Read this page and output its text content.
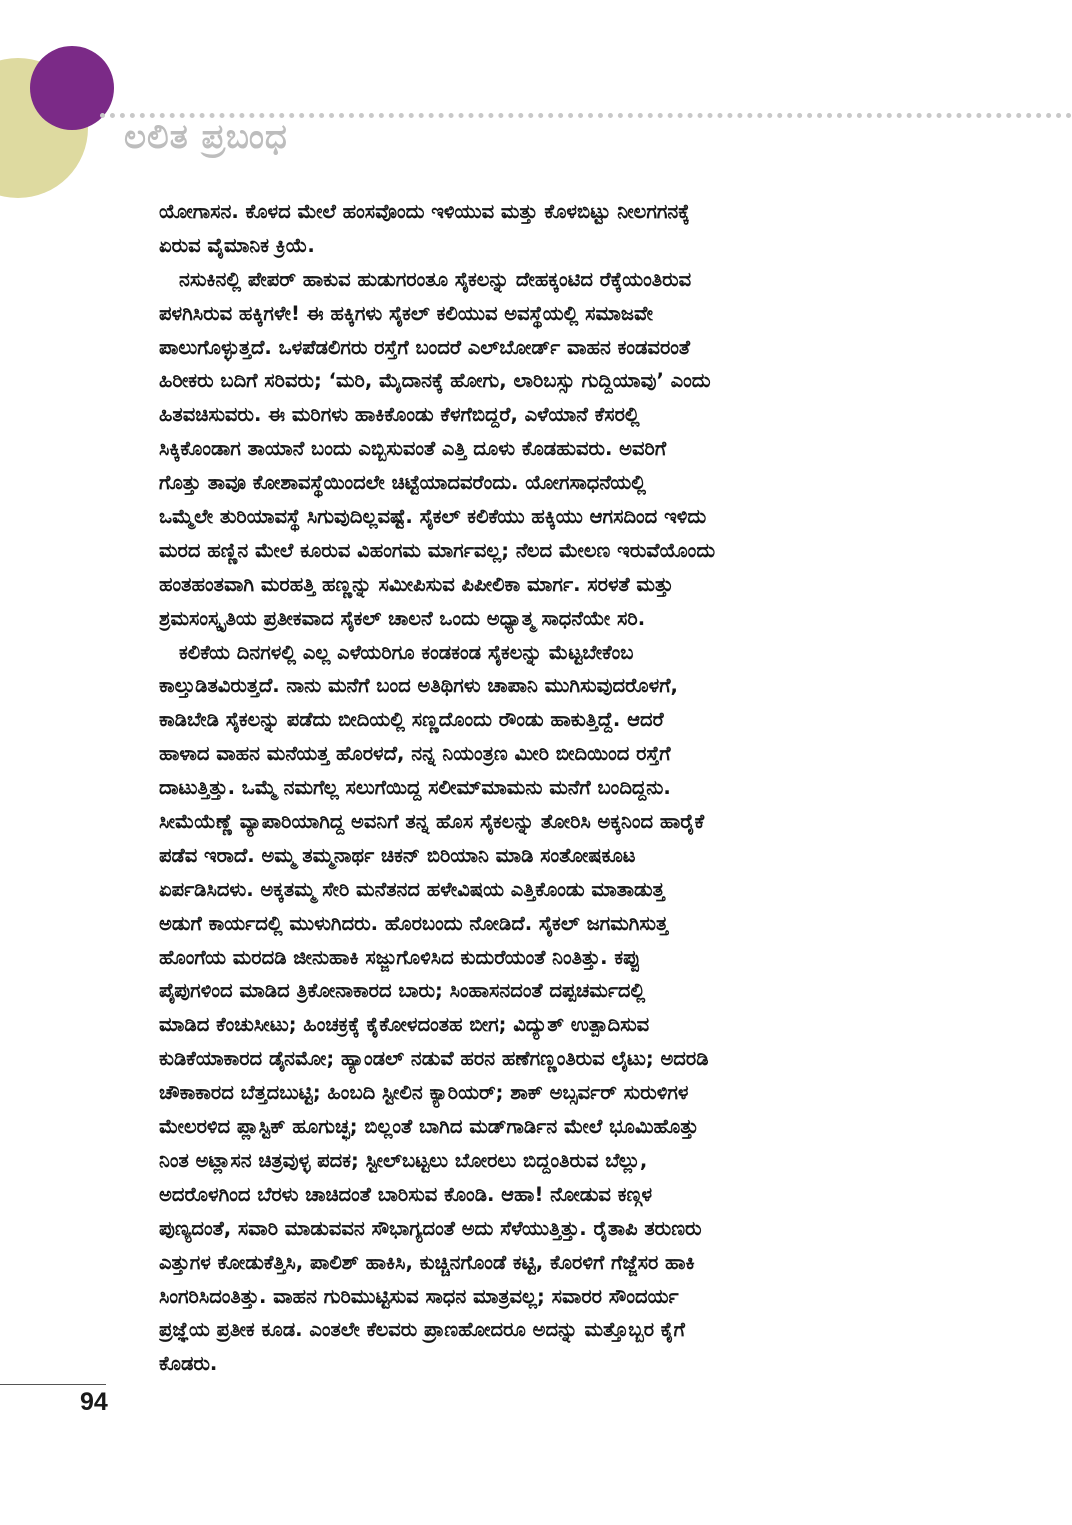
ಲಲಿತ ಪ್ರಬಂಧ
ಯೋಗಾಸನ. ಕೊಳದ ಮೇಲೆ ಹಂಸವೊಂದು ಇಳಿಯುವ ಮತ್ತು ಕೊಳಬಿಟ್ಟು ನೀಲಗಗನಕ್ಕೆ
ಏರುವ ವೈಮಾನಿಕ ಕ್ರಿಯೆ.
ನಸುಕಿನಲ್ಲಿ ಪೇಪರ್ ಹಾಕುವ ಹುಡುಗರಂತೂ ಸೈಕಲನ್ನು ದೇಹಕ್ಕಂಟಿದ ರೆಕ್ಕೆಯಂತಿರುವ
ಪಳಗಿಸಿರುವ ಹಕ್ಕಿಗಳೇ! ಈ ಹಕ್ಕಿಗಳು ಸೈಕಲ್ ಕಲಿಯುವ ಅವಸ್ಥೆಯಲ್ಲಿ ಸಮಾಜವೇ
ಪಾಲುಗೊಳ್ಳುತ್ತದೆ. ಒಳಪೆಡಲಿಗರು ರಸ್ತೆಗೆ ಬಂದರೆ ಎಲ್‌ಬೋರ್ಡ್ ವಾಹನ ಕಂಡವರಂತೆ
ಹಿರೀಕರು ಬದಿಗೆ ಸರಿವರು; ‘ಮರಿ, ಮೈದಾನಕ್ಕೆ ಹೋಗು, ಲಾರಿಬಸ್ಸು ಗುದ್ದಿಯಾವು’ ಎಂದು
ಹಿತವಚಿಸುವರು. ಈ ಮರಿಗಳು ಹಾಕಿಕೊಂಡು ಕೆಳಗೆಬಿದ್ದರೆ, ಎಳೆಯಾನೆ ಕೆಸರಲ್ಲಿ
ಸಿಕ್ಕಿಕೊಂಡಾಗ ತಾಯಾನೆ ಬಂದು ಎಬ್ಬಿಸುವಂತೆ ಎತ್ತಿ ದೂಳು ಕೊಡಹುವರು. ಅವರಿಗೆ
ಗೊತ್ತು ತಾವೂ ಕೋಶಾವಸ್ಥೆಯಿಂದಲೇ ಚಿಟ್ಟೆಯಾದವರೆಂದು. ಯೋಗಸಾಧನೆಯಲ್ಲಿ
ಒಮ್ಮೆಲೇ ತುರಿಯಾವಸ್ಥೆ ಸಿಗುವುದಿಲ್ಲವಷ್ಟೆ. ಸೈಕಲ್ ಕಲಿಕೆಯು ಹಕ್ಕಿಯು ಆಗಸದಿಂದ ಇಳಿದು
ಮರದ ಹಣ್ಣಿನ ಮೇಲೆ ಕೂರುವ ವಿಹಂಗಮ ಮಾರ್ಗವಲ್ಲ; ನೆಲದ ಮೇಲಣ ಇರುವೆಯೊಂದು
ಹಂತಹಂತವಾಗಿ ಮರಹತ್ತಿ ಹಣ್ಣನ್ನು ಸಮೀಪಿಸುವ ಪಿಪೀಲಿಕಾ ಮಾರ್ಗ. ಸರಳತೆ ಮತ್ತು
ಶ್ರಮಸಂಸ್ಕೃತಿಯ ಪ್ರತೀಕವಾದ ಸೈಕಲ್ ಚಾಲನೆ ಒಂದು ಅಧ್ಯಾತ್ಮ ಸಾಧನೆಯೇ ಸರಿ.
ಕಲಿಕೆಯ ದಿನಗಳಲ್ಲಿ ಎಲ್ಲ ಎಳೆಯರಿಗೂ ಕಂಡಕಂಡ ಸೈಕಲನ್ನು ಮೆಟ್ಟಬೇಕೆಂಬ
ಕಾಲ್ತುಡಿತವಿರುತ್ತದೆ. ನಾನು ಮನೆಗೆ ಬಂದ ಅತಿಥಿಗಳು ಚಾಪಾನಿ ಮುಗಿಸುವುದರೊಳಗೆ,
ಕಾಡಿಬೇಡಿ ಸೈಕಲನ್ನು ಪಡೆದು ಬೀದಿಯಲ್ಲಿ ಸಣ್ಣದೊಂದು ರೌಂಡು ಹಾಕುತ್ತಿದ್ದೆ. ಆದರೆ
ಹಾಳಾದ ವಾಹನ ಮನೆಯತ್ತ ಹೊರಳದೆ, ನನ್ನ ನಿಯಂತ್ರಣ ಮೀರಿ ಬೀದಿಯಿಂದ ರಸ್ತೆಗೆ
ದಾಟುತ್ತಿತ್ತು. ಒಮ್ಮೆ ನಮಗೆಲ್ಲ ಸಲುಗೆಯಿದ್ದ ಸಲೀಮ್‌ಮಾಮನು ಮನೆಗೆ ಬಂದಿದ್ದನು.
ಸೀಮೆಯೆಣ್ಣೆ ವ್ಯಾಪಾರಿಯಾಗಿದ್ದ ಅವನಿಗೆ ತನ್ನ ಹೊಸ ಸೈಕಲನ್ನು ತೋರಿಸಿ ಅಕ್ಕನಿಂದ ಹಾರೈಕೆ
ಪಡೆವ ಇರಾದೆ. ಅಮ್ಮ ತಮ್ಮನಾರ್ಥ ಚಿಕನ್ ಬಿರಿಯಾನಿ ಮಾಡಿ ಸಂತೋಷಕೂಟ
ಏರ್ಪಡಿಸಿದಳು. ಅಕ್ಕತಮ್ಮ ಸೇರಿ ಮನೆತನದ ಹಳೇವಿಷಯ ಎತ್ತಿಕೊಂಡು ಮಾತಾಡುತ್ತ
ಅಡುಗೆ ಕಾರ್ಯದಲ್ಲಿ ಮುಳುಗಿದರು. ಹೊರಬಂದು ನೋಡಿದೆ. ಸೈಕಲ್ ಜಗಮಗಿಸುತ್ತ
ಹೊಂಗೆಯ ಮರದಡಿ ಜೀನುಹಾಕಿ ಸಜ್ಜುಗೊಳಿಸಿದ ಕುದುರೆಯಂತೆ ನಿಂತಿತ್ತು. ಕಪ್ಪು
ಪೈಪುಗಳಿಂದ ಮಾಡಿದ ತ್ರಿಕೋನಾಕಾರದ ಬಾರು; ಸಿಂಹಾಸನದಂತೆ ದಪ್ಪಚರ್ಮದಲ್ಲಿ
ಮಾಡಿದ ಕೆಂಚುಸೀಟು; ಹಿಂಚಕ್ರಕ್ಕೆ ಕೈಕೋಳದಂತಹ ಬೀಗ; ವಿದ್ಯುತ್ ಉತ್ಪಾದಿಸುವ
ಕುಡಿಕೆಯಾಕಾರದ ಡೈನಮೋ; ಹ್ಯಾಂಡಲ್ ನಡುವೆ ಹರನ ಹಣೆಗಣ್ಣಂತಿರುವ ಲೈಟು; ಅದರಡಿ
ಚೌಕಾಕಾರದ ಬೆತ್ತದಬುಟ್ಟಿ; ಹಿಂಬದಿ ಸ್ಟೀಲಿನ ಕ್ಯಾರಿಯರ್; ಶಾಕ್ ಅಬ್ಸರ್ವರ್ ಸುರುಳಿಗಳ
ಮೇಲರಳಿದ ಪ್ಲಾಸ್ಟಿಕ್ ಹೂಗುಚ್ಛ; ಬಿಲ್ಲಂತೆ ಬಾಗಿದ ಮಡ್‌ಗಾರ್ಡಿನ ಮೇಲೆ ಭೂಮಿಹೊತ್ತು
ನಿಂತ ಅಟ್ಲಾಸನ ಚಿತ್ರವುಳ್ಳ ಪದಕ; ಸ್ಟೀಲ್‌ಬಟ್ಟಲು ಬೋರಲು ಬಿದ್ದಂತಿರುವ ಬೆಲ್ಲು,
ಅದರೊಳಗಿಂದ ಬೆರಳು ಚಾಚಿದಂತೆ ಬಾರಿಸುವ ಕೊಂಡಿ. ಆಹಾ! ನೋಡುವ ಕಣ್ಗಳ
ಪುಣ್ಯದಂತೆ, ಸವಾರಿ ಮಾಡುವವನ ಸೌಭಾಗ್ಯದಂತೆ ಅದು ಸೆಳೆಯುತ್ತಿತ್ತು. ರೈತಾಪಿ ತರುಣರು
ಎತ್ತುಗಳ ಕೋಡುಕೆತ್ತಿಸಿ, ಪಾಲಿಶ್ ಹಾಕಿಸಿ, ಕುಚ್ಚಿನಗೊಂಡೆ ಕಟ್ಟಿ, ಕೊರಳಿಗೆ ಗೆಜ್ಜೆಸರ ಹಾಕಿ
ಸಿಂಗರಿಸಿದಂತಿತ್ತು. ವಾಹನ ಗುರಿಮುಟ್ಟಿಸುವ ಸಾಧನ ಮಾತ್ರವಲ್ಲ; ಸವಾರರ ಸೌಂದರ್ಯ
ಪ್ರಜ್ಞೆಯ ಪ್ರತೀಕ ಕೂಡ. ಎಂತಲೇ ಕೆಲವರು ಪ್ರಾಣಹೋದರೂ ಅದನ್ನು ಮತ್ತೊಬ್ಬರ ಕೈಗೆ
ಕೊಡರು.
94
